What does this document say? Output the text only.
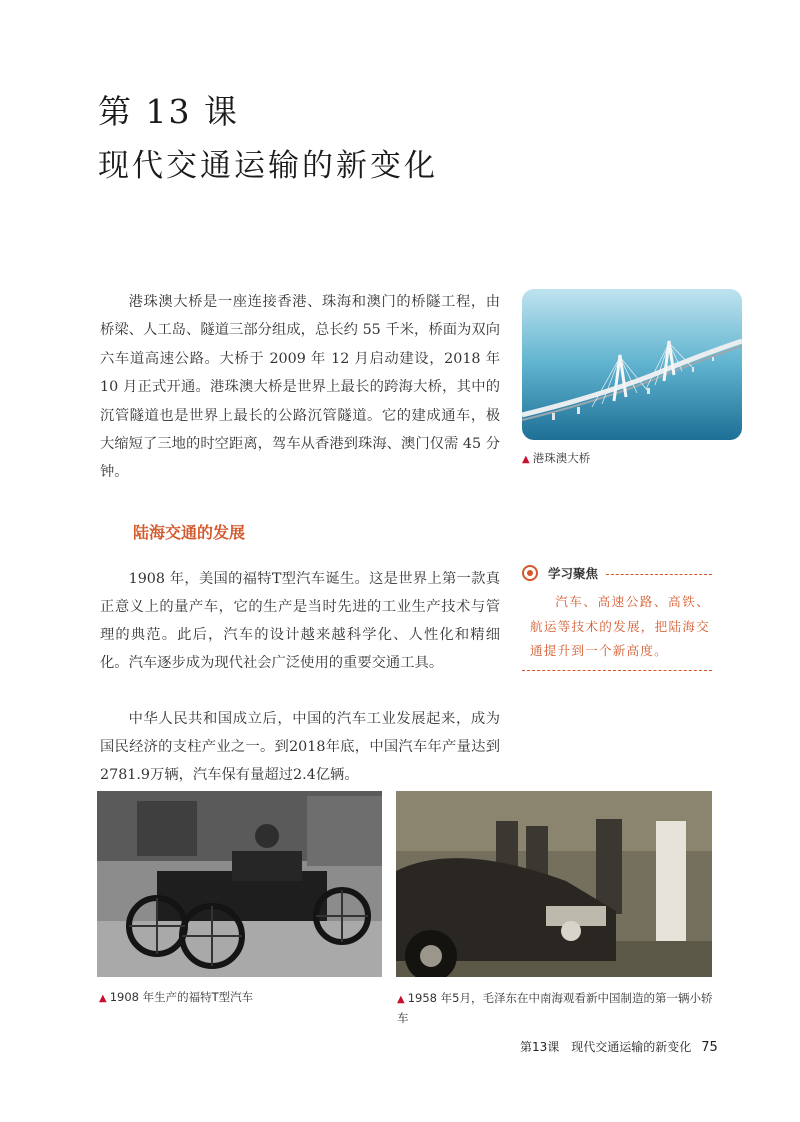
第 13 课
现代交通运输的新变化
港珠澳大桥是一座连接香港、珠海和澳门的桥隧工程，由桥梁、人工岛、隧道三部分组成，总长约 55 千米，桥面为双向六车道高速公路。大桥于 2009 年 12 月启动建设，2018 年 10 月正式开通。港珠澳大桥是世界上最长的跨海大桥，其中的沉管隧道也是世界上最长的公路沉管隧道。它的建成通车，极大缩短了三地的时空距离，驾车从香港到珠海、澳门仅需 45 分钟。
▲ 港珠澳大桥
陆海交通的发展
1908 年，美国的福特T型汽车诞生。这是世界上第一款真正意义上的量产车，它的生产是当时先进的工业生产技术与管理的典范。此后，汽车的设计越来越科学化、人性化和精细化。汽车逐步成为现代社会广泛使用的重要交通工具。
中华人民共和国成立后，中国的汽车工业发展起来，成为国民经济的支柱产业之一。到2018年底，中国汽车年产量达到2781.9万辆，汽车保有量超过2.4亿辆。
学习聚焦
汽车、高速公路、高铁、航运等技术的发展，把陆海交通提升到一个新高度。
▲ 1908 年生产的福特T型汽车	▲ 1958 年5月，毛泽东在中南海观看新中国制造的第一辆小轿车
第13课　现代交通运输的新变化 75
